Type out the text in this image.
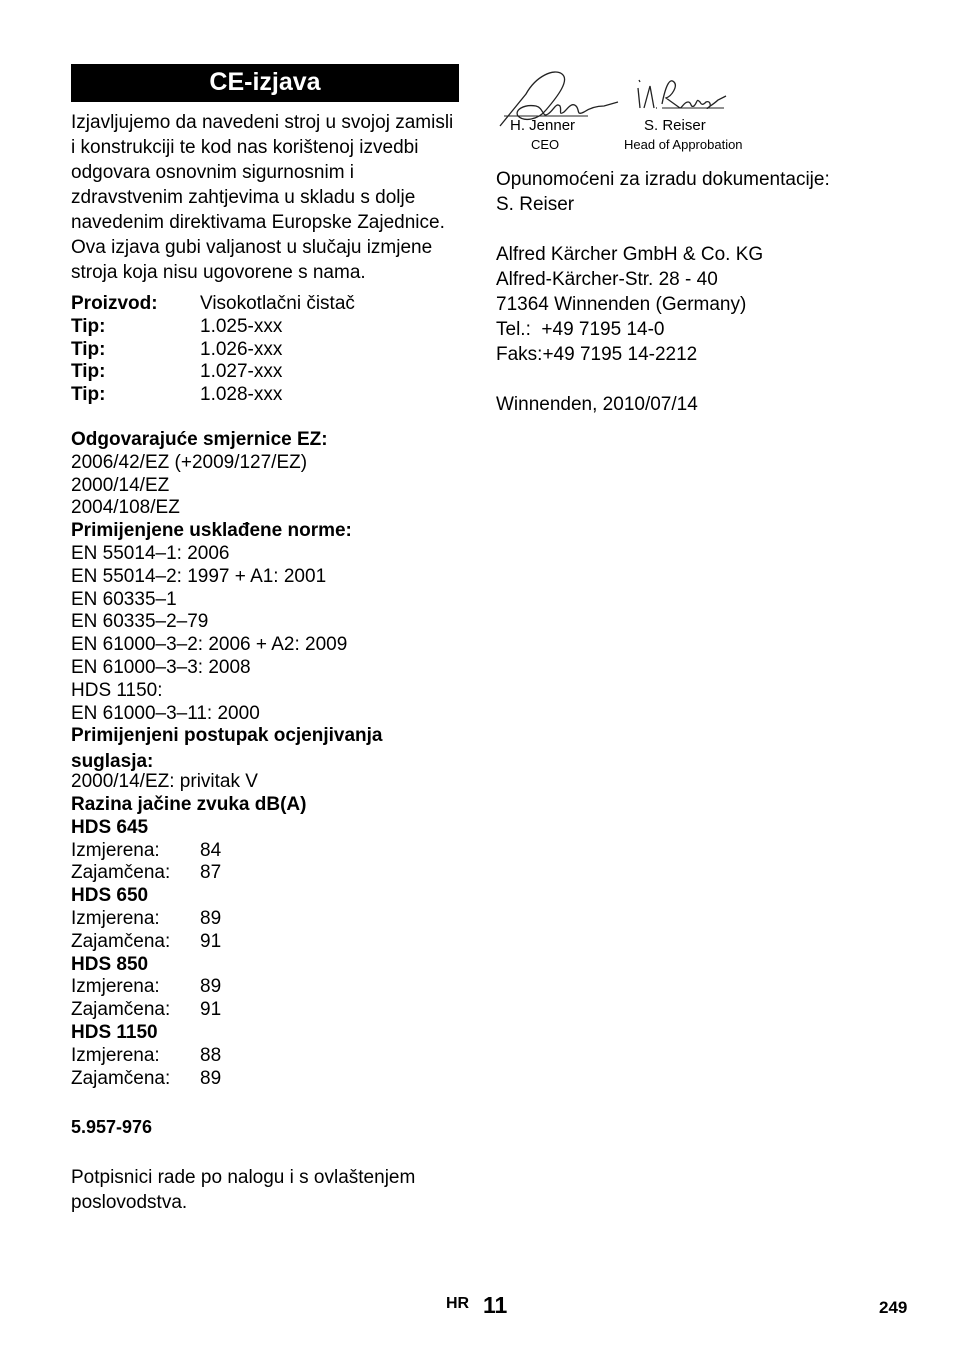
CE-izjava
Izjavljujemo da navedeni stroj u svojoj zamisli i konstrukciji te kod nas korištenoj izvedbi odgovara osnovnim sigurnosnim i zdravstvenim zahtjevima u skladu s dolje navedenim direktivama Europske Zajednice. Ova izjava gubi valjanost u slučaju izmjene stroja koja nisu ugovorene s nama.
Proizvod:	Visokotlačni čistač
Tip:	1.025-xxx
Tip:	1.026-xxx
Tip:	1.027-xxx
Tip:	1.028-xxx
Odgovarajuće smjernice EZ:
2006/42/EZ (+2009/127/EZ)
2000/14/EZ
2004/108/EZ
Primijenjene usklađene norme:
EN 55014–1: 2006
EN 55014–2: 1997 + A1: 2001
EN 60335–1
EN 60335–2–79
EN 61000–3–2: 2006 + A2: 2009
EN 61000–3–3: 2008
HDS 1150:
EN 61000–3–11: 2000
Primijenjeni postupak ocjenjivanja
suglasja:
2000/14/EZ: privitak V
Razina jačine zvuka dB(A)
HDS 645
Izmjerena:	84
Zajamčena:	87
HDS 650
Izmjerena:	89
Zajamčena:	91
HDS 850
Izmjerena:	89
Zajamčena:	91
HDS 1150
Izmjerena:	88
Zajamčena:	89
5.957-976
Potpisnici rade po nalogu i s ovlaštenjem poslovodstva.
H. Jenner
CEO
S. Reiser
Head of Approbation
Opunomoćeni za izradu dokumentacije:
S. Reiser
Alfred Kärcher GmbH & Co. KG
Alfred-Kärcher-Str. 28 - 40
71364 Winnenden (Germany)
Tel.:  +49 7195 14-0
Faks:+49 7195 14-2212
Winnenden, 2010/07/14
HR 11	249
